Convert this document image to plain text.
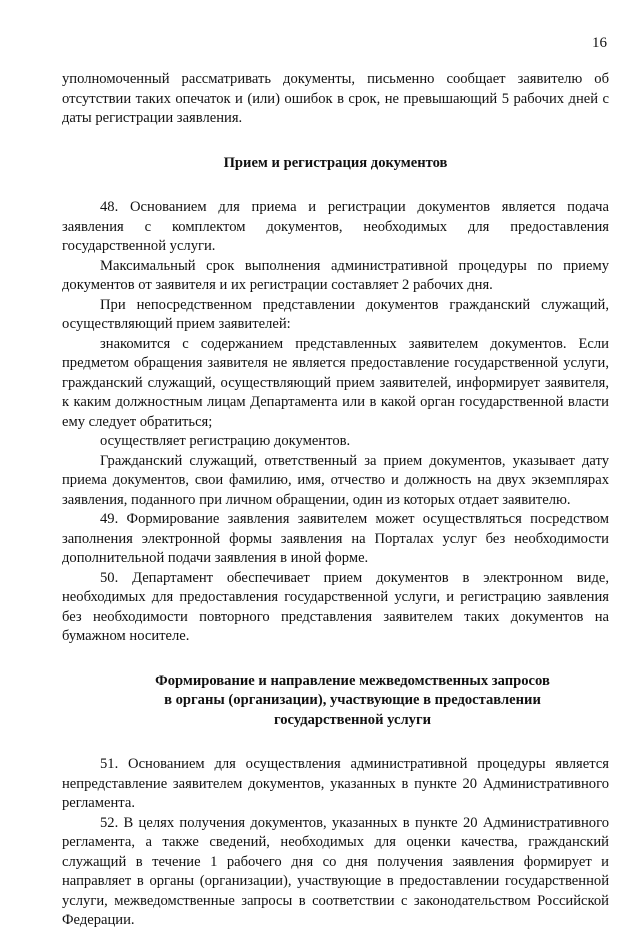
16

уполномоченный рассматривать документы, письменно сообщает заявителю об отсутствии таких опечаток и (или) ошибок в срок, не превышающий 5 рабочих дней с даты регистрации заявления.

Прием и регистрация документов

48. Основанием для приема и регистрации документов является подача заявления с комплектом документов, необходимых для предоставления государственной услуги.

Максимальный срок выполнения административной процедуры по приему документов от заявителя и их регистрации составляет 2 рабочих дня.

При непосредственном представлении документов гражданский служащий, осуществляющий прием заявителей:

знакомится с содержанием представленных заявителем документов. Если предметом обращения заявителя не является предоставление государственной услуги, гражданский служащий, осуществляющий прием заявителей, информирует заявителя, к каким должностным лицам Департамента или в какой орган государственной власти ему следует обратиться;

осуществляет регистрацию документов.

Гражданский служащий, ответственный за прием документов, указывает дату приема документов, свои фамилию, имя, отчество и должность на двух экземплярах заявления, поданного при личном обращении, один из которых отдает заявителю.

49. Формирование заявления заявителем может осуществляться посредством заполнения электронной формы заявления на Порталах услуг без необходимости дополнительной подачи заявления в иной форме.

50. Департамент обеспечивает прием документов в электронном виде, необходимых для предоставления государственной услуги, и регистрацию заявления без необходимости повторного представления заявителем таких документов на бумажном носителе.

Формирование и направление межведомственных запросов
в органы (организации), участвующие в предоставлении
государственной услуги

51. Основанием для осуществления административной процедуры является непредставление заявителем документов, указанных в пункте 20 Административного регламента.

52. В целях получения документов, указанных в пункте 20 Административного регламента, а также сведений, необходимых для оценки качества, гражданский служащий в течение 1 рабочего дня со дня получения заявления формирует и направляет в органы (организации), участвующие в предоставлении государственной услуги, межведомственные запросы в соответствии с законодательством Российской Федерации.
